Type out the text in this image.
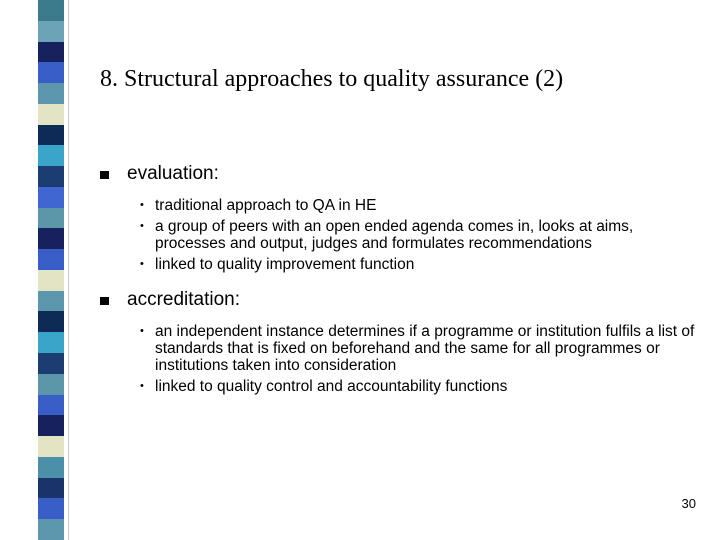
8. Structural approaches to quality assurance (2)
evaluation:
• traditional approach to QA in HE
• a group of peers with an open ended agenda comes in, looks at aims, processes and output, judges and formulates recommendations
• linked to quality improvement function
accreditation:
• an independent instance determines if a programme or institution fulfils a list of standards that is fixed on beforehand and the same for all programmes or institutions taken into consideration
• linked to quality control and accountability functions
30
